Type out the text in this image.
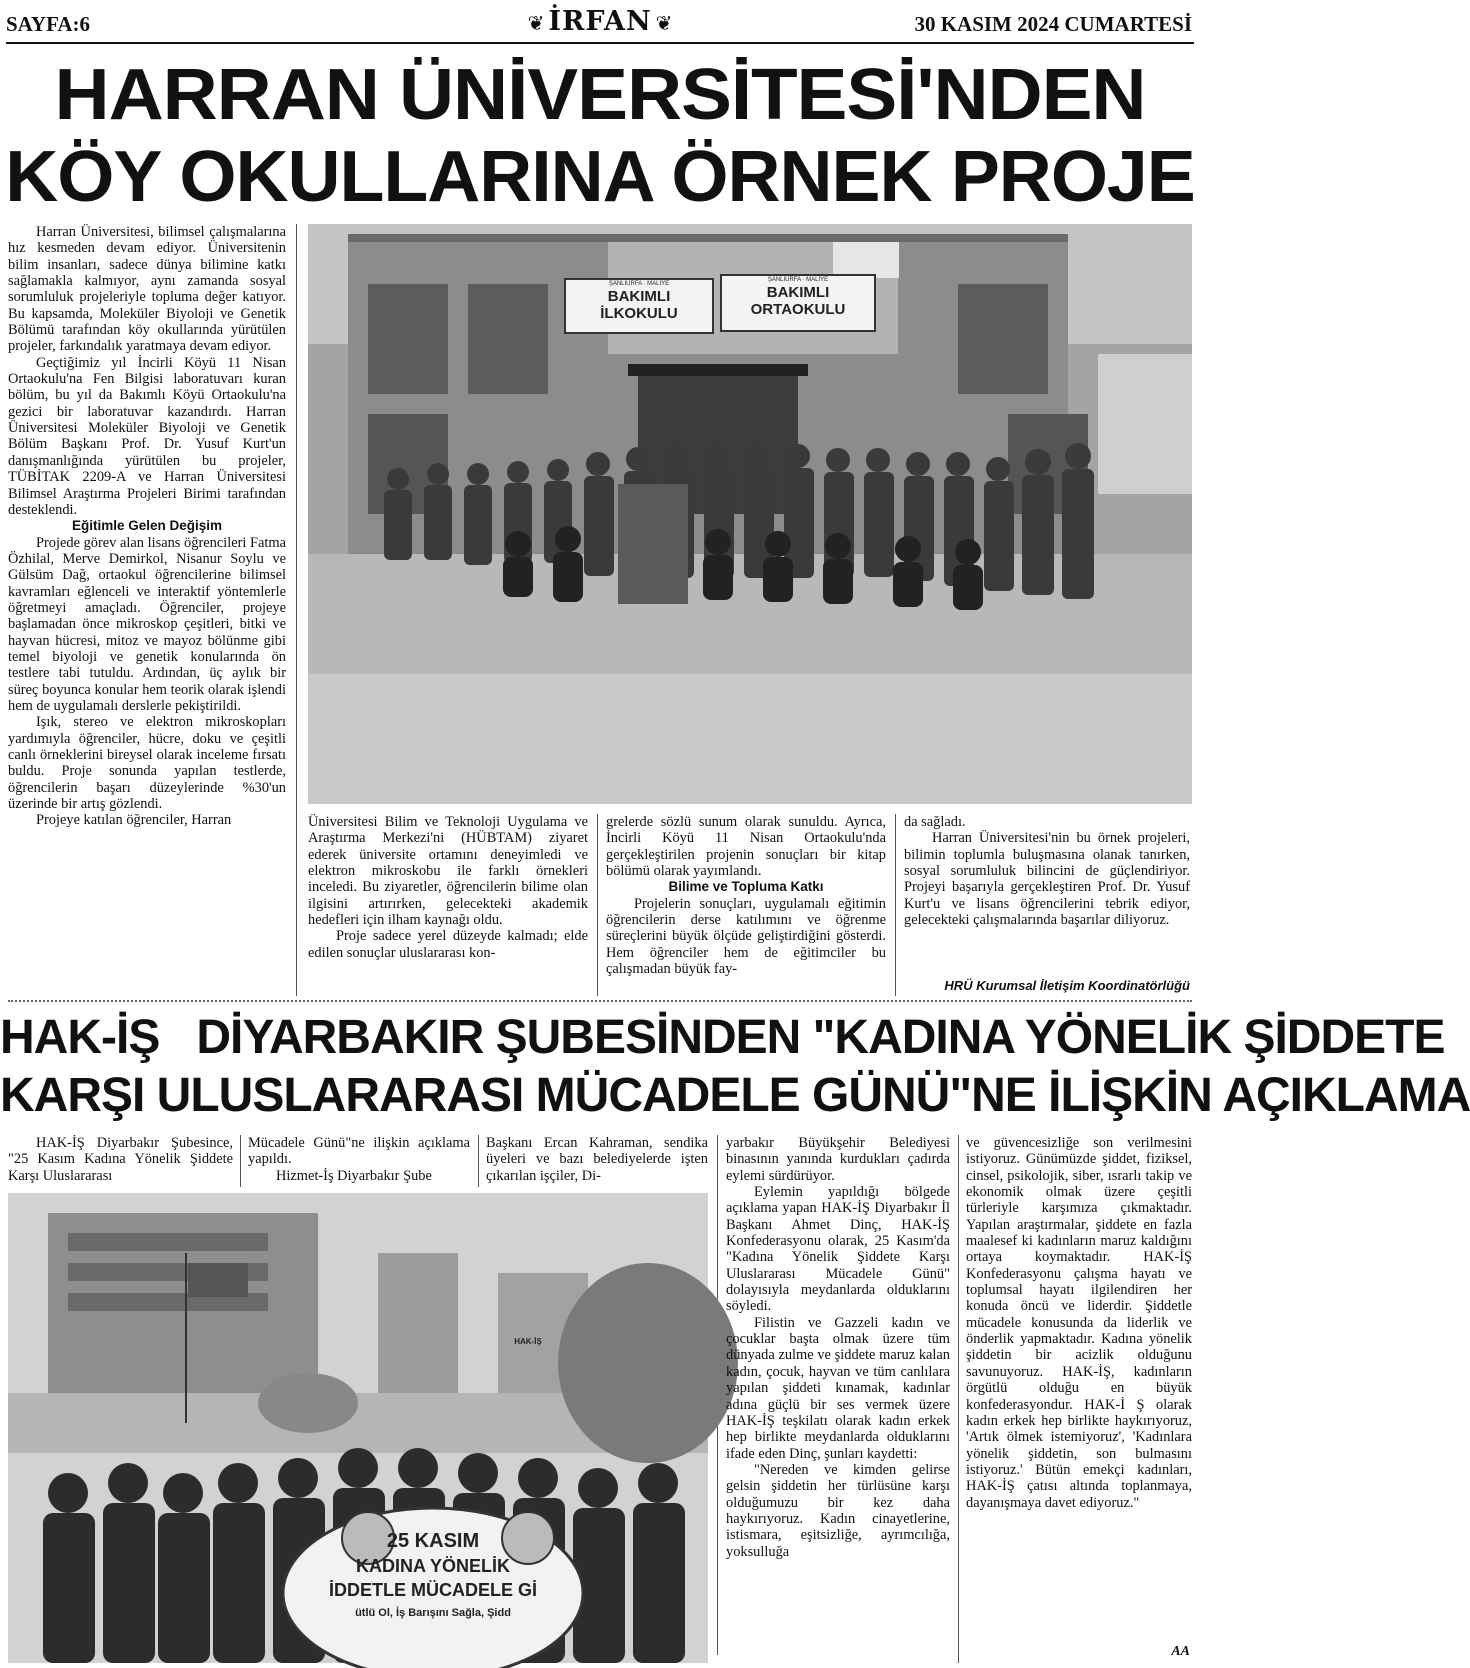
SAYFA:6	❦ İRFAN ❦	30 KASIM 2024 CUMARTESİ
HARRAN ÜNİVERSİTESİ'NDEN
KÖY OKULLARINA ÖRNEK PROJE

Harran Üniversitesi, bilimsel çalışmalarına hız kesmeden devam ediyor. Üniversitenin bilim insanları, sadece dünya bilimine katkı sağlamakla kalmıyor, aynı zamanda sosyal sorumluluk projeleriyle topluma değer katıyor. Bu kapsamda, Moleküler Biyoloji ve Genetik Bölümü tarafından köy okullarında yürütülen projeler, farkındalık yaratmaya devam ediyor.

Geçtiğimiz yıl İncirli Köyü 11 Nisan Ortaokulu'na Fen Bilgisi laboratuvarı kuran bölüm, bu yıl da Bakımlı Köyü Ortaokulu'na gezici bir laboratuvar kazandırdı. Harran Üniversitesi Moleküler Biyoloji ve Genetik Bölüm Başkanı Prof. Dr. Yusuf Kurt'un danışmanlığında yürütülen bu projeler, TÜBİTAK 2209-A ve Harran Üniversitesi Bilimsel Araştırma Projeleri Birimi tarafından desteklendi.

Eğitimle Gelen Değişim

Projede görev alan lisans öğrencileri Fatma Özhilal, Merve Demirkol, Nisanur Soylu ve Gülsüm Dağ, ortaokul öğrencilerine bilimsel kavramları eğlenceli ve interaktif yöntemlerle öğretmeyi amaçladı. Öğrenciler, projeye başlamadan önce mikroskop çeşitleri, bitki ve hayvan hücresi, mitoz ve mayoz bölünme gibi temel biyoloji ve genetik konularında ön testlere tabi tutuldu. Ardından, üç aylık bir süreç boyunca konular hem teorik olarak işlendi hem de uygulamalı derslerle pekiştirildi.

Işık, stereo ve elektron mikroskopları yardımıyla öğrenciler, hücre, doku ve çeşitli canlı örneklerini bireysel olarak inceleme fırsatı buldu. Proje sonunda yapılan testlerde, öğrencilerin başarı düzeylerinde %30'un üzerinde bir artış gözlendi.

Projeye katılan öğrenciler, Harran

ŞANLIURFA · MALİYE
BAKIMLI
İLKOKULU
ŞANLIURFA · MALİYE
BAKIMLI
ORTAOKULU

Üniversitesi Bilim ve Teknoloji Uygulama ve Araştırma Merkezi'ni (HÜBTAM) ziyaret ederek üniversite ortamını deneyimledi ve elektron mikroskobu ile farklı örnekleri inceledi. Bu ziyaretler, öğrencilerin bilime olan ilgisini artırırken, gelecekteki akademik hedefleri için ilham kaynağı oldu.

Proje sadece yerel düzeyde kalmadı; elde edilen sonuçlar uluslararası kon-

grelerde sözlü sunum olarak sunuldu. Ayrıca, İncirli Köyü 11 Nisan Ortaokulu'nda gerçekleştirilen projenin sonuçları bir kitap bölümü olarak yayımlandı.

Bilime ve Topluma Katkı

Projelerin sonuçları, uygulamalı eğitimin öğrencilerin derse katılımını ve öğrenme süreçlerini büyük ölçüde geliştirdiğini gösterdi. Hem öğrenciler hem de eğitimciler bu çalışmadan büyük fay-

da sağladı.

Harran Üniversitesi'nin bu örnek projeleri, bilimin toplumla buluşmasına olanak tanırken, sosyal sorumluluk bilincini de güçlendiriyor. Projeyi başarıyla gerçekleştiren Prof. Dr. Yusuf Kurt'u ve lisans öğrencilerini tebrik ediyor, gelecekteki çalışmalarında başarılar diliyoruz.

HRÜ Kurumsal İletişim Koordinatörlüğü
HAK-İŞ   DİYARBAKIR ŞUBESİNDEN "KADINA YÖNELİK ŞİDDETE
KARŞI ULUSLARARASI MÜCADELE GÜNÜ"NE İLİŞKİN AÇIKLAMA

HAK-İŞ Diyarbakır Şubesince, "25 Kasım Kadına Yönelik Şiddete Karşı Uluslararası

Mücadele Günü"ne ilişkin açıklama yapıldı.

Hizmet-İş Diyarbakır Şube

Başkanı Ercan Kahraman, sendika üyeleri ve bazı belediyelerde işten çıkarılan işçiler, Di-

HAK-İŞ
25 KASIM
KADINA YÖNELİK
İDDETLE MÜCADELE Gİ
ütlü Ol, İş Barışını Sağla, Şidd

yarbakır Büyükşehir Belediyesi binasının yanında kurdukları çadırda eylemi sürdürüyor.

Eylemin yapıldığı bölgede açıklama yapan HAK-İŞ Diyarbakır İl Başkanı Ahmet Dinç, HAK-İŞ Konfederasyonu olarak, 25 Kasım'da "Kadına Yönelik Şiddete Karşı Uluslararası Mücadele Günü" dolayısıyla meydanlarda olduklarını söyledi.

Filistin ve Gazzeli kadın ve çocuklar başta olmak üzere tüm dünyada zulme ve şiddete maruz kalan kadın, çocuk, hayvan ve tüm canlılara yapılan şiddeti kınamak, kadınlar adına güçlü bir ses vermek üzere HAK-İŞ teşkilatı olarak kadın erkek hep birlikte meydanlarda olduklarını ifade eden Dinç, şunları kaydetti:

"Nereden ve kimden gelirse gelsin şiddetin her türlüsüne karşı olduğumuzu bir kez daha haykırıyoruz. Kadın cinayetlerine, istismara, eşitsizliğe, ayrımcılığa, yoksulluğa

ve güvencesizliğe son verilmesini istiyoruz. Günümüzde şiddet, fiziksel, cinsel, psikolojik, siber, ısrarlı takip ve ekonomik olmak üzere çeşitli türleriyle karşımıza çıkmaktadır. Yapılan araştırmalar, şiddete en fazla maalesef ki kadınların maruz kaldığını ortaya koymaktadır. HAK-İŞ Konfederasyonu çalışma hayatı ve toplumsal hayatı ilgilendiren her konuda öncü ve liderdir. Şiddetle mücadele konusunda da liderlik ve önderlik yapmaktadır. Kadına yönelik şiddetin bir acizlik olduğunu savunuyoruz. HAK-İŞ, kadınların örgütlü olduğu en büyük konfederasyondur. HAK-İ Ş olarak kadın erkek hep birlikte haykırıyoruz, 'Artık ölmek istemiyoruz', 'Kadınlara yönelik şiddetin, son bulmasını istiyoruz.' Bütün emekçi kadınları, HAK-İŞ çatısı altında toplanmaya, dayanışmaya davet ediyoruz."

AA
